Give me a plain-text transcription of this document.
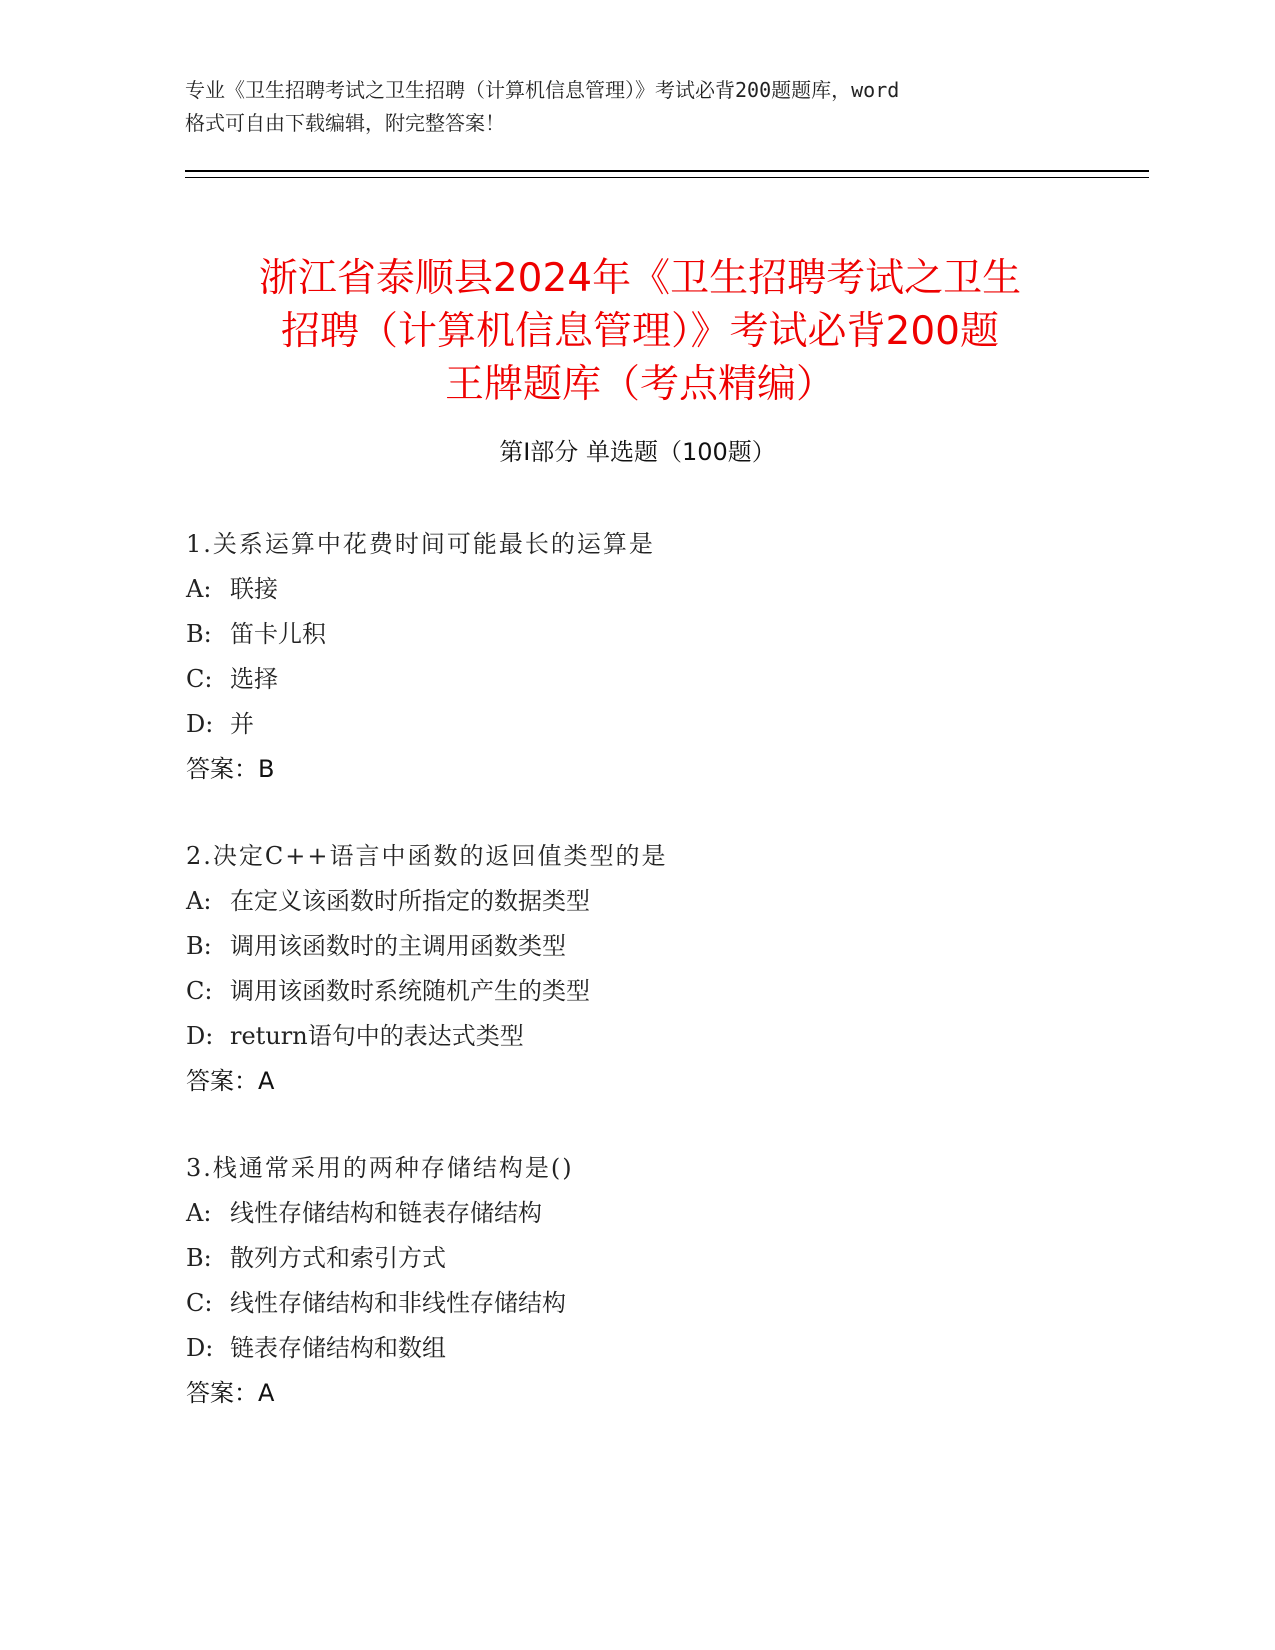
专业《卫生招聘考试之卫生招聘（计算机信息管理）》考试必背200题题库，word
格式可自由下载编辑，附完整答案！
浙江省泰顺县2024年《卫生招聘考试之卫生
招聘（计算机信息管理）》考试必背200题
王牌题库（考点精编）
第Ⅰ部分 单选题（100题）
1.关系运算中花费时间可能最长的运算是
A: 联接
B: 笛卡儿积
C: 选择
D: 并
答案：B
2.决定C++语言中函数的返回值类型的是
A: 在定义该函数时所指定的数据类型
B: 调用该函数时的主调用函数类型
C: 调用该函数时系统随机产生的类型
D: return语句中的表达式类型
答案：A
3.栈通常采用的两种存储结构是()
A: 线性存储结构和链表存储结构
B: 散列方式和索引方式
C: 线性存储结构和非线性存储结构
D: 链表存储结构和数组
答案：A
